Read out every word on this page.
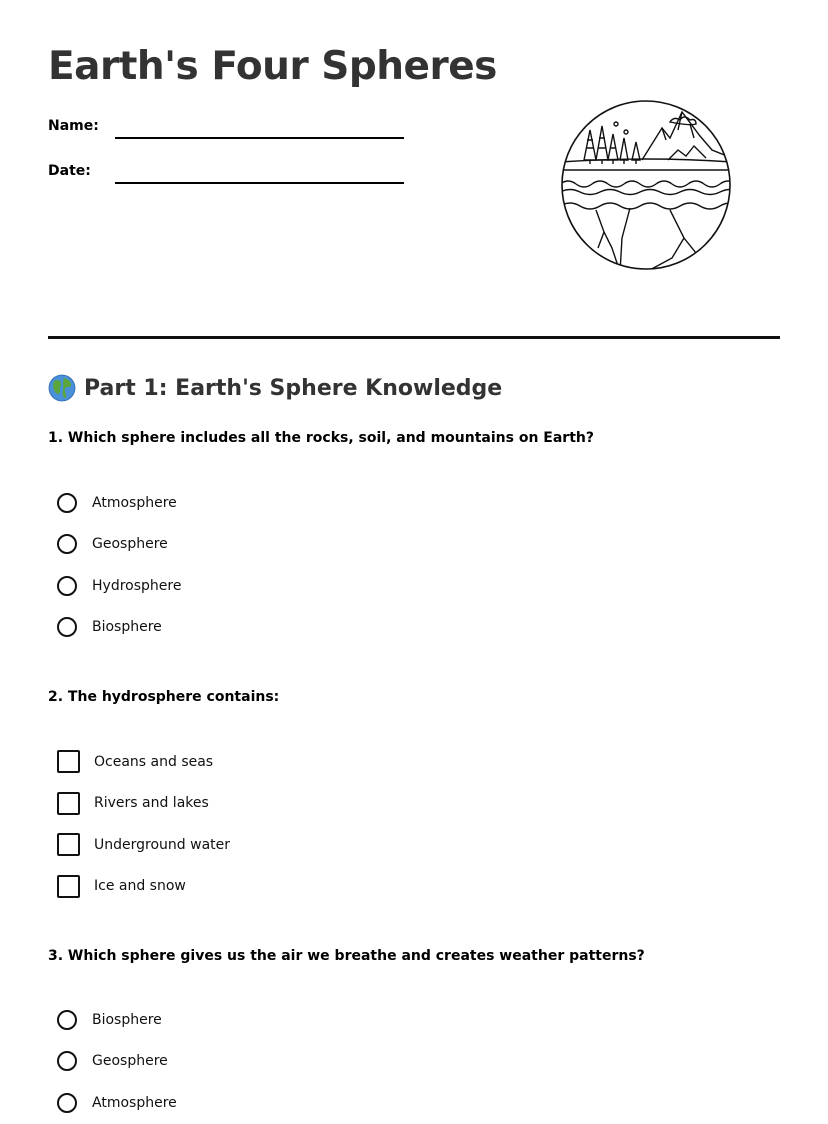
Earth's Four Spheres
Name:
Date:
Part 1: Earth's Sphere Knowledge
1. Which sphere includes all the rocks, soil, and mountains on Earth?
Atmosphere
Geosphere
Hydrosphere
Biosphere
2. The hydrosphere contains:
Oceans and seas
Rivers and lakes
Underground water
Ice and snow
3. Which sphere gives us the air we breathe and creates weather patterns?
Biosphere
Geosphere
Atmosphere
